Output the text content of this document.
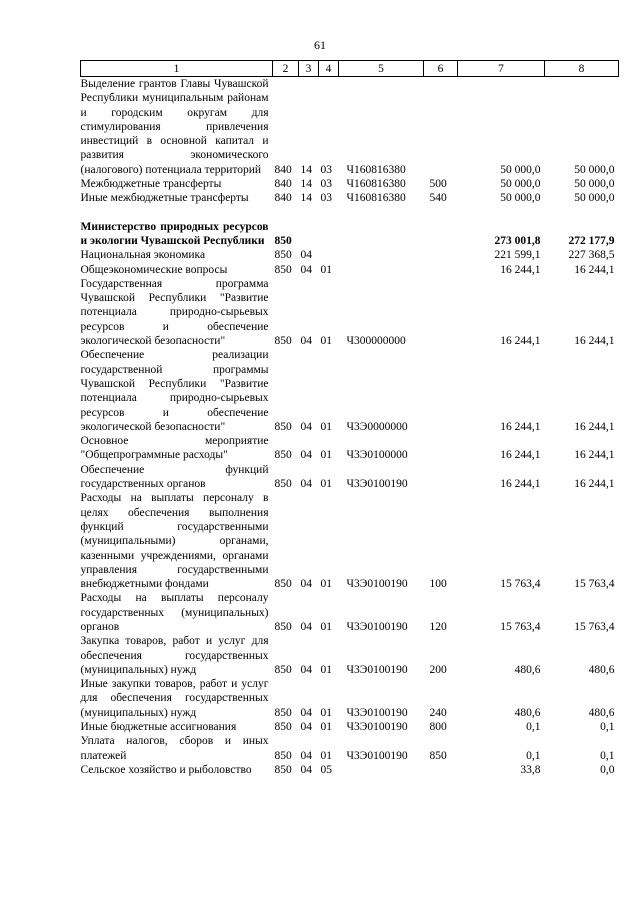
61
1	2	3	4	5	6	7	8
Выделение грантов Главы Чувашской Республики муниципальным районам и городским округам для стимулирования привлечения инвестиций в основной капитал и развития экономического (налогового) потенциала территорий	840	14	03	Ч160816380		50 000,0	50 000,0
Межбюджетные трансферты	840	14	03	Ч160816380	500	50 000,0	50 000,0
Иные межбюджетные трансферты	840	14	03	Ч160816380	540	50 000,0	50 000,0

Министерство природных ресурсов и экологии Чувашской Республики	850					273 001,8	272 177,9
Национальная экономика	850	04				221 599,1	227 368,5
Общеэкономические вопросы	850	04	01			16 244,1	16 244,1
Государственная программа Чувашской Республики "Развитие потенциала природно-сырьевых ресурсов и обеспечение экологической безопасности"	850	04	01	Ч300000000		16 244,1	16 244,1
Обеспечение реализации государственной программы Чувашской Республики "Развитие потенциала природно-сырьевых ресурсов и обеспечение экологической безопасности"	850	04	01	Ч3Э0000000		16 244,1	16 244,1
Основное мероприятие "Общепрограммные расходы"	850	04	01	Ч3Э0100000		16 244,1	16 244,1
Обеспечение функций государственных органов	850	04	01	Ч3Э0100190		16 244,1	16 244,1
Расходы на выплаты персоналу в целях обеспечения выполнения функций государственными (муниципальными) органами, казенными учреждениями, органами управления государственными внебюджетными фондами	850	04	01	Ч3Э0100190	100	15 763,4	15 763,4
Расходы на выплаты персоналу государственных (муниципальных) органов	850	04	01	Ч3Э0100190	120	15 763,4	15 763,4
Закупка товаров, работ и услуг для обеспечения государственных (муниципальных) нужд	850	04	01	Ч3Э0100190	200	480,6	480,6
Иные закупки товаров, работ и услуг для обеспечения государственных (муниципальных) нужд	850	04	01	Ч3Э0100190	240	480,6	480,6
Иные бюджетные ассигнования	850	04	01	Ч3Э0100190	800	0,1	0,1
Уплата налогов, сборов и иных платежей	850	04	01	Ч3Э0100190	850	0,1	0,1
Сельское хозяйство и рыболовство	850	04	05			33,8	0,0
